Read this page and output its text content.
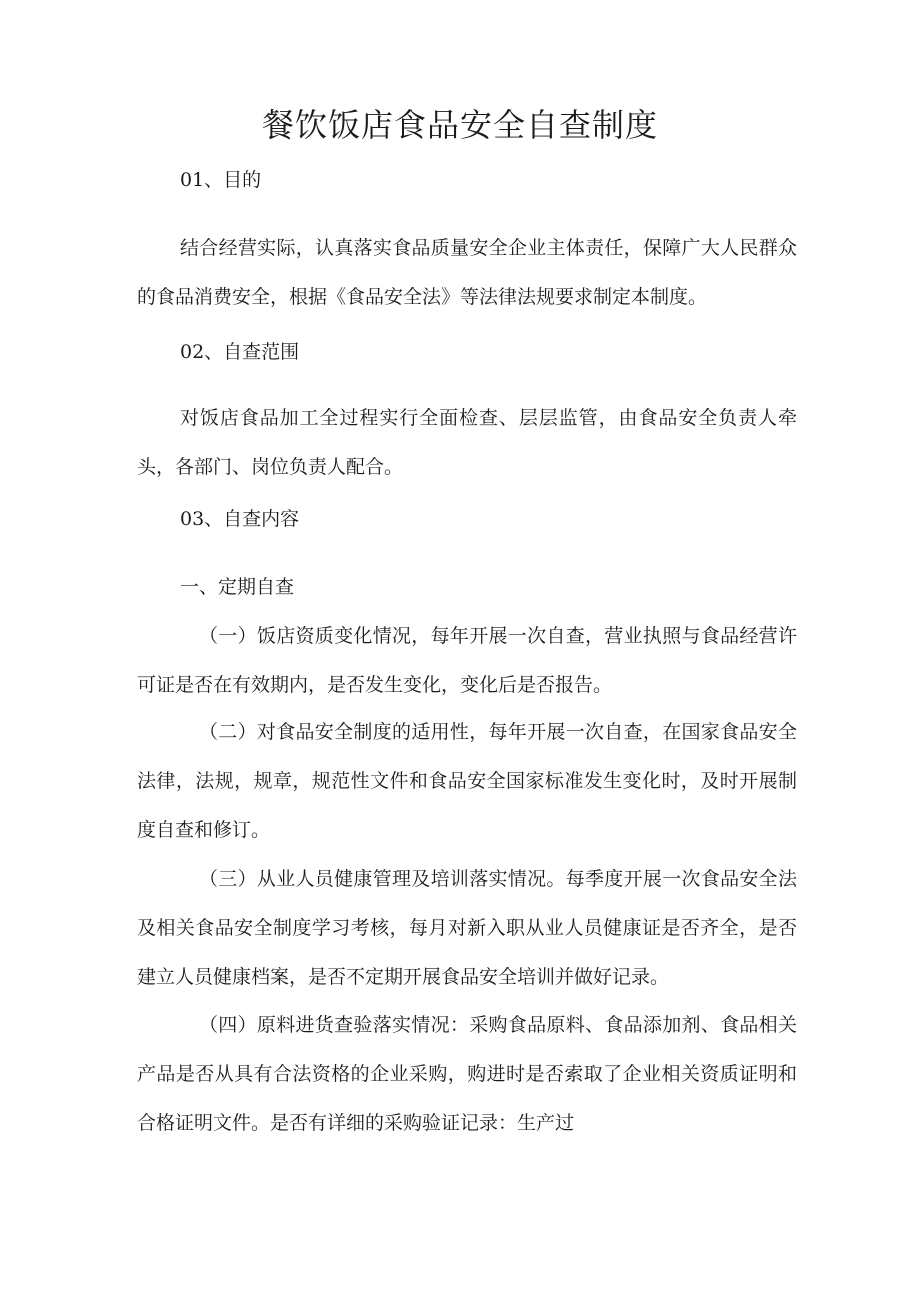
餐饮饭店食品安全自查制度

01、目的

结合经营实际，认真落实食品质量安全企业主体责任，保障广大人民群众的食品消费安全，根据《食品安全法》等法律法规要求制定本制度。

02、自查范围

对饭店食品加工全过程实行全面检查、层层监管，由食品安全负责人牵头，各部门、岗位负责人配合。

03、自查内容

一、定期自查

（一）饭店资质变化情况，每年开展一次自查，营业执照与食品经营许可证是否在有效期内，是否发生变化，变化后是否报告。

（二）对食品安全制度的适用性，每年开展一次自查，在国家食品安全法律，法规，规章，规范性文件和食品安全国家标准发生变化时，及时开展制度自查和修订。

（三）从业人员健康管理及培训落实情况。每季度开展一次食品安全法及相关食品安全制度学习考核，每月对新入职从业人员健康证是否齐全，是否建立人员健康档案，是否不定期开展食品安全培训并做好记录。

（四）原料进货查验落实情况：采购食品原料、食品添加剂、食品相关产品是否从具有合法资格的企业采购，购进时是否索取了企业相关资质证明和合格证明文件。是否有详细的采购验证记录：生产过
